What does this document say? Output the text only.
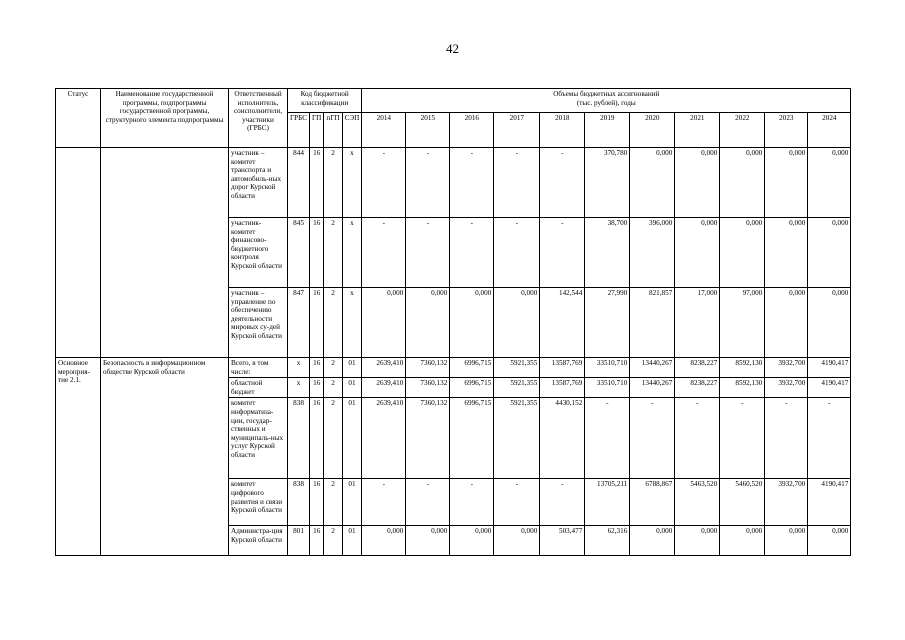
42
Статус	Наименование государственной программы, подпрограммы государственной программы, структурного элемента подпрограммы	Ответственный исполнитель, соисполнители, участники (ГРБС)	Код бюджетной классификации				Объемы бюджетных ассигнований
(тыс. рублей), годы										
			ГРБС	ГП	пГП	СЭП	2014	2015	2016	2017	2018	2019	2020	2021	2022	2023	2024
		участник – комитет транспорта и автомобиль-ных дорог Курской области	844	16	2	х	-	-	-	-	-	370,780	0,000	0,000	0,000	0,000	0,000
		участник-комитет финансово-бюджетного контроля Курской области	845	16	2	х	-	-	-	-	-	38,700	396,000	0,000	0,000	0,000	0,000
		участник – управление по обеспечению деятельности мировых су-дей Курской области	847	16	2	х	0,000	0,000	0,000	0,000	142,544	27,990	821,857	17,000	97,000	0,000	0,000
Основное мероприя-тие 2.1.	Безопасность в информационном обществе Курской области	Всего, в том числе:	х	16	2	01	2639,410	7360,132	6996,715	5921,355	13587,769	33510,710	13440,267	8238,227	8592,130	3932,700	4190,417
		областной бюджет	х	16	2	01	2639,410	7360,132	6996,715	5921,355	13587,769	33510,710	13440,267	8238,227	8592,130	3932,700	4190,417
		комитет информатиза-ции, государ-ственных и муниципаль-ных услуг Курской области	838	16	2	01	2639,410	7360,132	6996,715	5921,355	4430,152	-	-	-	-	-	-
		комитет цифрового развития и связи Курской области	838	16	2	01	-	-	-	-	-	13705,211	6788,867	5463,520	5460,520	3932,700	4190,417
		Администра-ция Курской области	801	16	2	01	0,000	0,000	0,000	0,000	503,477	62,316	0,000	0,000	0,000	0,000	0,000
